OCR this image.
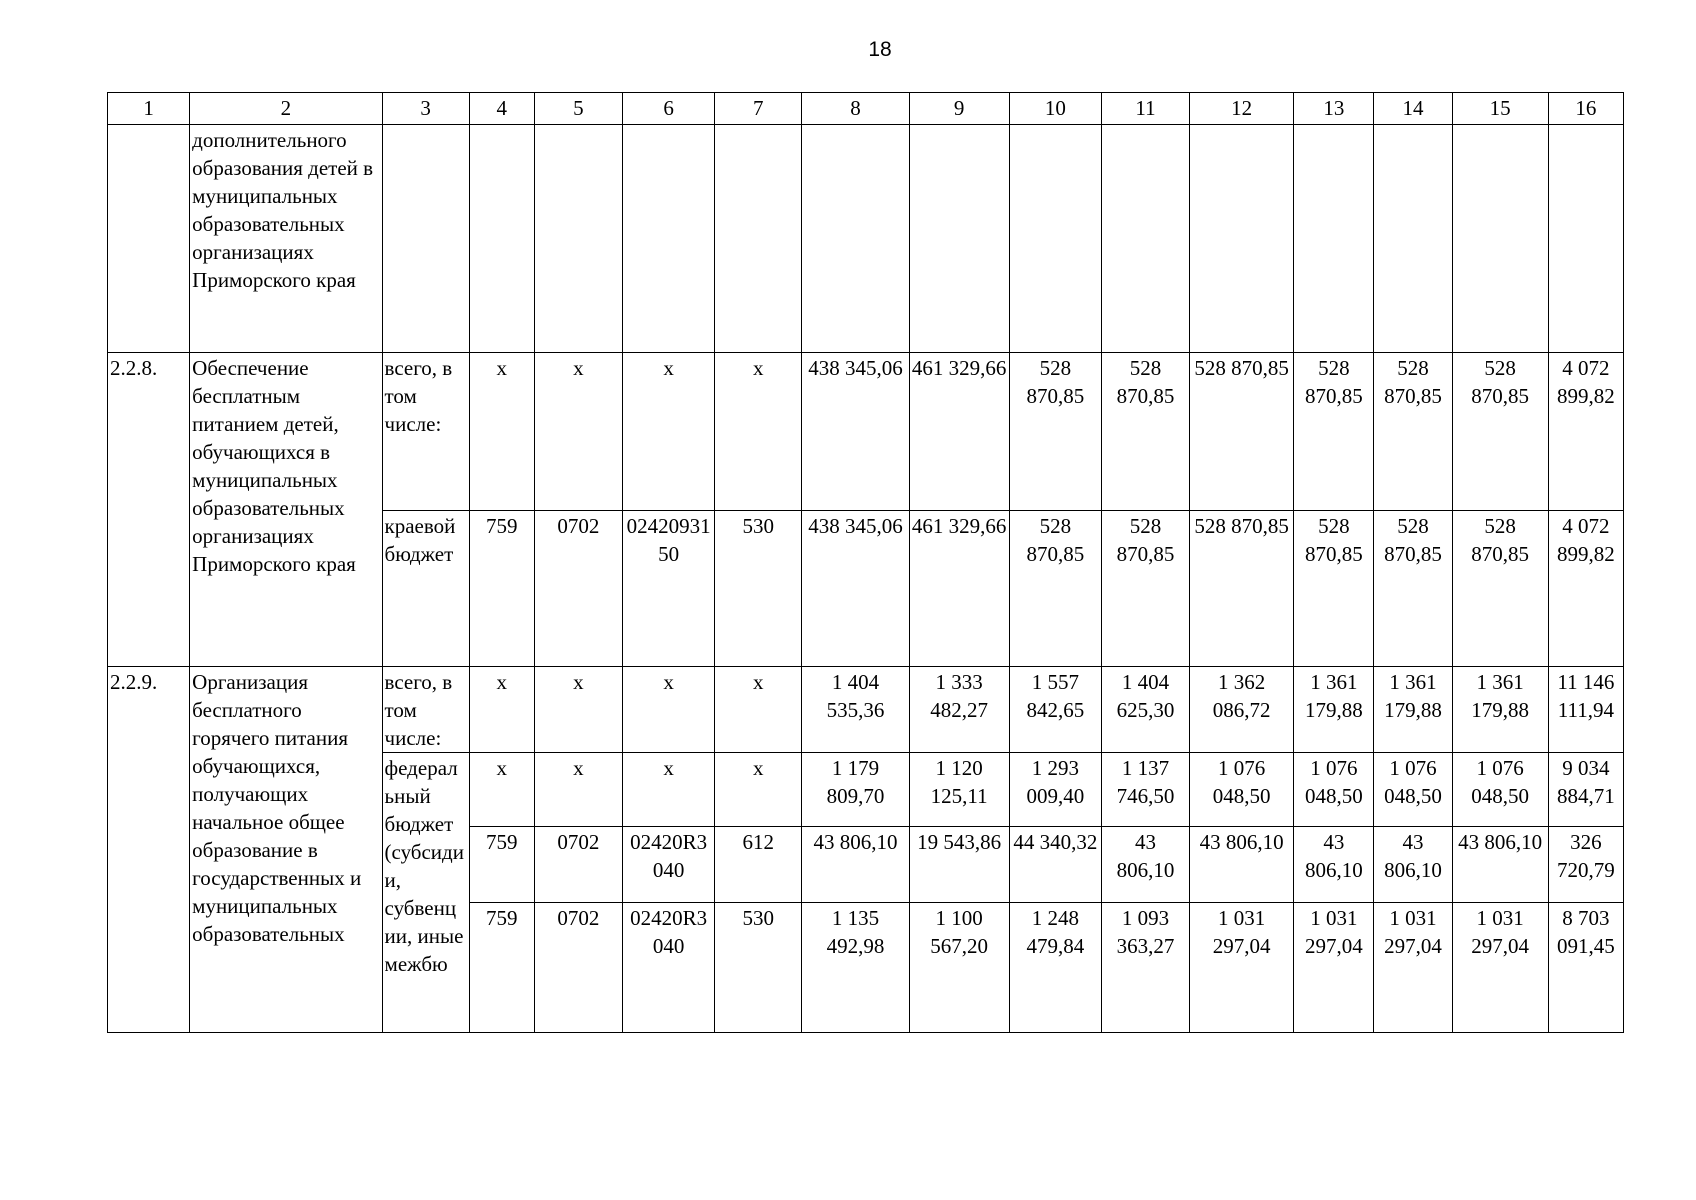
18
1	2	3	4	5	6	7	8	9	10	11	12	13	14	15	16
	дополнительного образования детей в муниципальных образовательных организациях Приморского края														
2.2.8.	Обеспечение бесплатным питанием детей, обучающихся в муниципальных образовательных организациях Приморского края	всего, в том числе:	х	х	х	х	438 345,06	461 329,66	528 870,85	528 870,85	528 870,85	528 870,85	528 870,85	528 870,85	4 072 899,82
		краевой бюджет	759	0702	0242093150	530	438 345,06	461 329,66	528 870,85	528 870,85	528 870,85	528 870,85	528 870,85	528 870,85	4 072 899,82
2.2.9.	Организация бесплатного горячего питания обучающихся, получающих начальное общее образование в государственных и муниципальных образовательных	всего, в том числе:	х	х	х	х	1 404 535,36	1 333 482,27	1 557 842,65	1 404 625,30	1 362 086,72	1 361 179,88	1 361 179,88	1 361 179,88	11 146 111,94
		федеральный бюджет (субсидии, субвенции, иные межбю	х	х	х	х	1 179 809,70	1 120 125,11	1 293 009,40	1 137 746,50	1 076 048,50	1 076 048,50	1 076 048,50	1 076 048,50	9 034 884,71
			759	0702	02420R3040	612	43 806,10	19 543,86	44 340,32	43 806,10	43 806,10	43 806,10	43 806,10	43 806,10	326 720,79
			759	0702	02420R3040	530	1 135 492,98	1 100 567,20	1 248 479,84	1 093 363,27	1 031 297,04	1 031 297,04	1 031 297,04	1 031 297,04	8 703 091,45
